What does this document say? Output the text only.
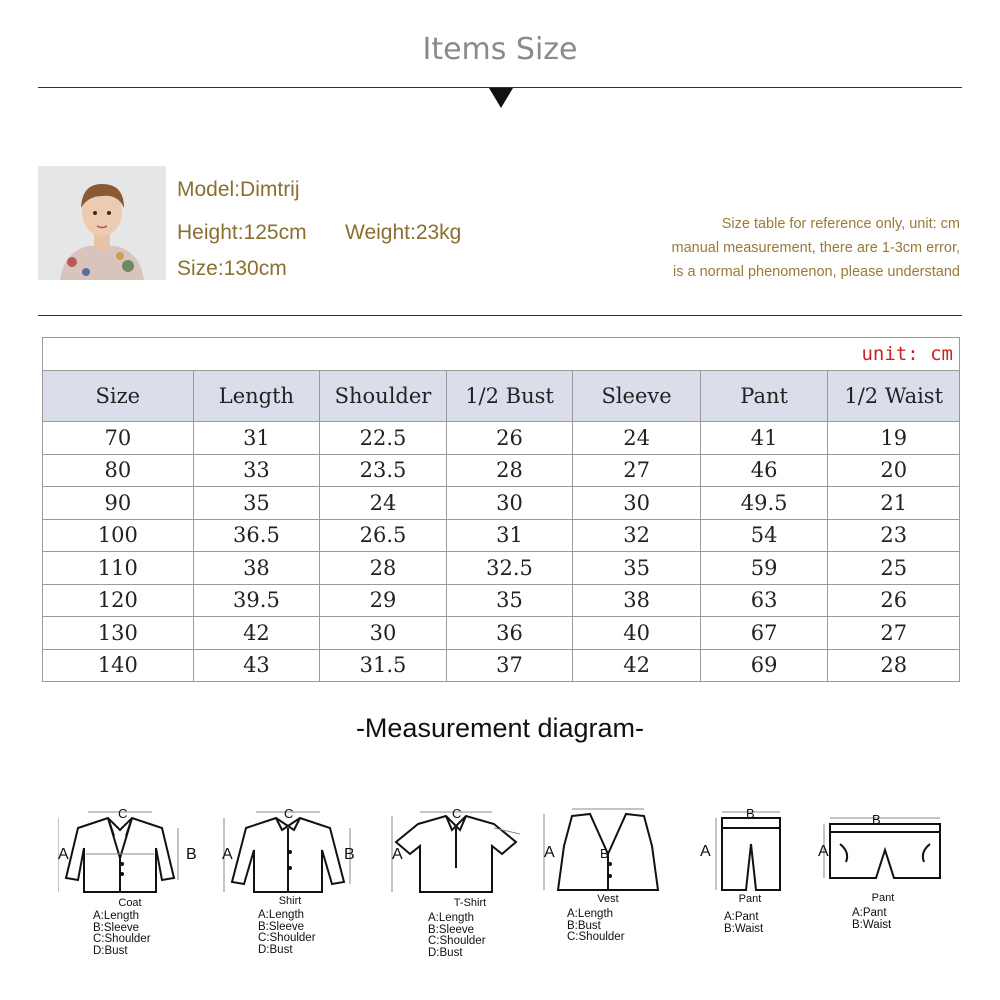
Items Size
Model:Dimtrij
Height:125cm Weight:23kg
Size:130cm
Size table for reference only, unit: cm
manual measurement, there are 1-3cm error,
is a normal phenomenon, please understand
unit: cm						
Size	Length	Shoulder	1/2 Bust	Sleeve	Pant	1/2 Waist
70	31	22.5	26	24	41	19
80	33	23.5	28	27	46	20
90	35	24	30	30	49.5	21
100	36.5	26.5	31	32	54	23
110	38	28	32.5	35	59	25
120	39.5	29	35	38	63	26
130	42	30	36	40	67	27
140	43	31.5	37	42	69	28
-Measurement diagram-
A	B
C
Coat
A:Length
B:Sleeve
C:Shoulder
D:Bust
A	B
C
Shirt
A:Length
B:Sleeve
C:Shoulder
D:Bust
A
C
T-Shirt
A:Length
B:Sleeve
C:Shoulder
D:Bust
A	B
Vest
A:Length
B:Bust
C:Shoulder
A
B
Pant
A:Pant
B:Waist
A
B
Pant
A:Pant
B:Waist
